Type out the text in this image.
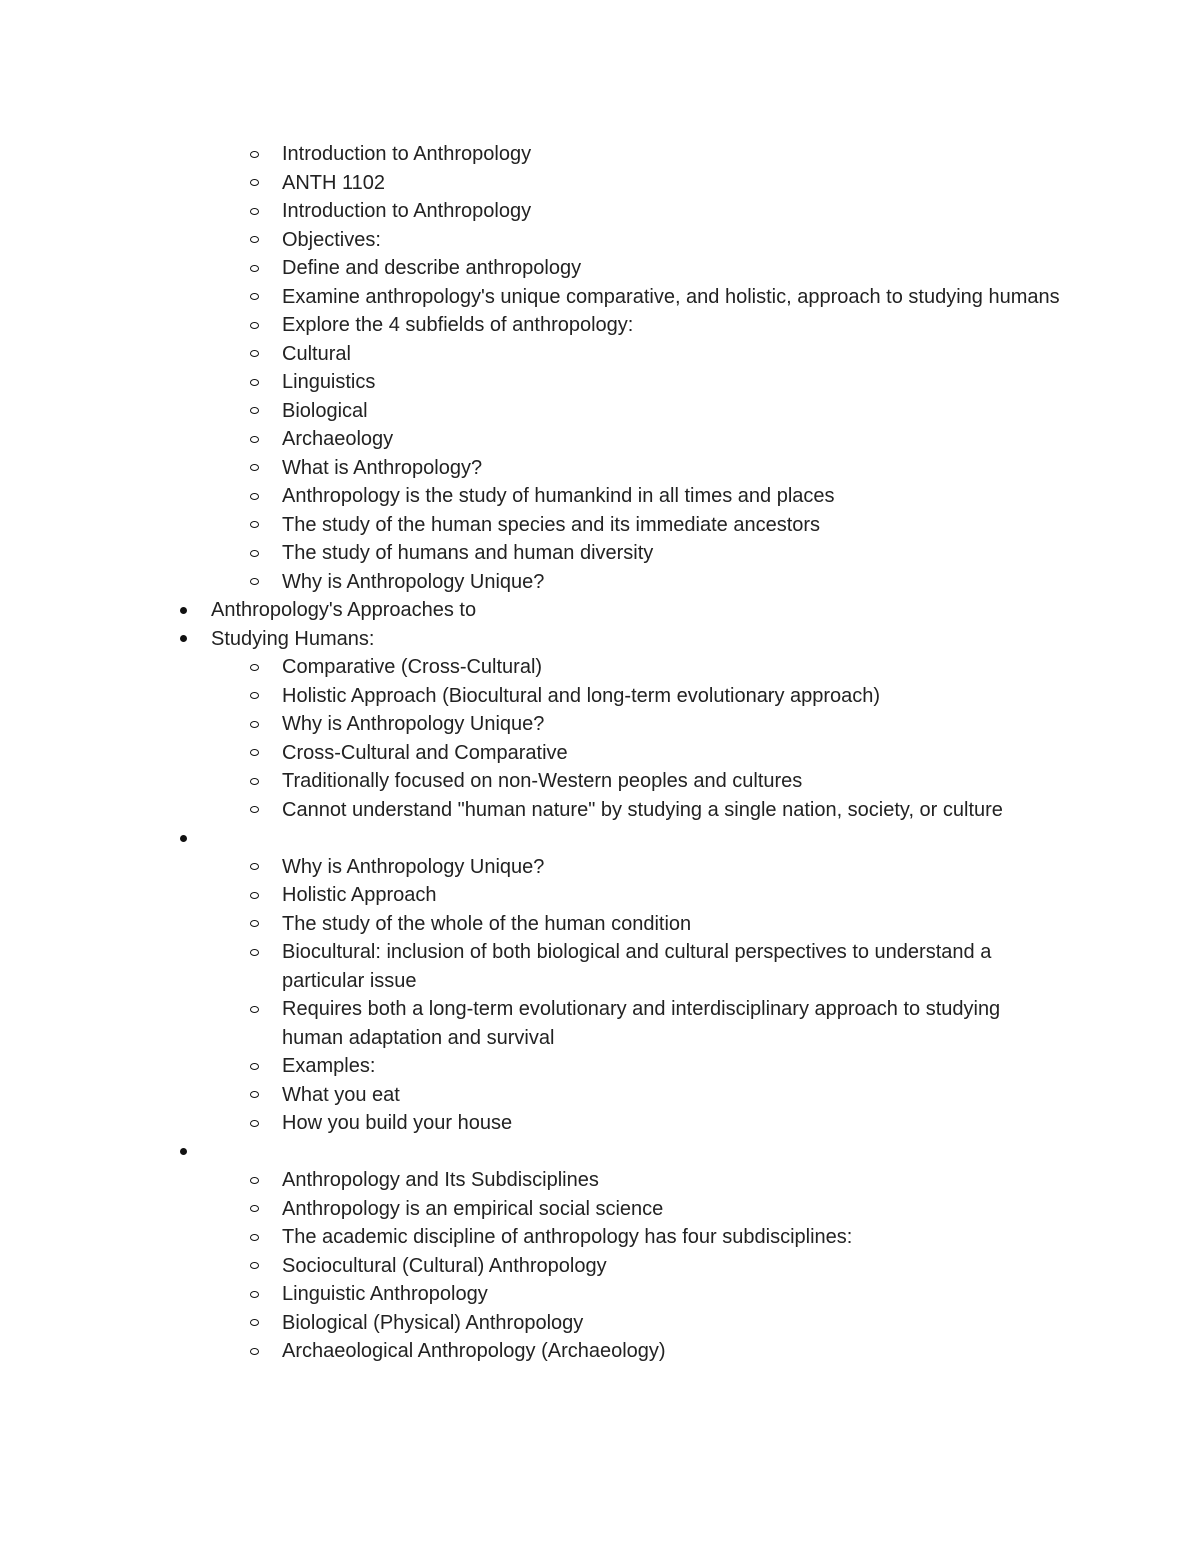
Introduction to Anthropology
ANTH 1102
Introduction to Anthropology
Objectives:
Define and describe anthropology
Examine anthropology's unique comparative, and holistic, approach to studying humans
Explore the 4 subfields of anthropology:
Cultural
Linguistics
Biological
Archaeology
What is Anthropology?
Anthropology is the study of humankind in all times and places
The study of the human species and its immediate ancestors
The study of humans and human diversity
Why is Anthropology Unique?
Anthropology's Approaches to
Studying Humans:
Comparative (Cross-Cultural)
Holistic Approach (Biocultural and long-term evolutionary approach)
Why is Anthropology Unique?
Cross-Cultural and Comparative
Traditionally focused on non-Western peoples and cultures
Cannot understand "human nature" by studying a single nation, society, or culture

Why is Anthropology Unique?
Holistic Approach
The study of the whole of the human condition
Biocultural: inclusion of both biological and cultural perspectives to understand a particular issue
Requires both a long-term evolutionary and interdisciplinary approach to studying human adaptation and survival
Examples:
What you eat
How you build your house

Anthropology and Its Subdisciplines
Anthropology is an empirical social science
The academic discipline of anthropology has four subdisciplines:
Sociocultural (Cultural) Anthropology
Linguistic Anthropology
Biological (Physical) Anthropology
Archaeological Anthropology (Archaeology)
